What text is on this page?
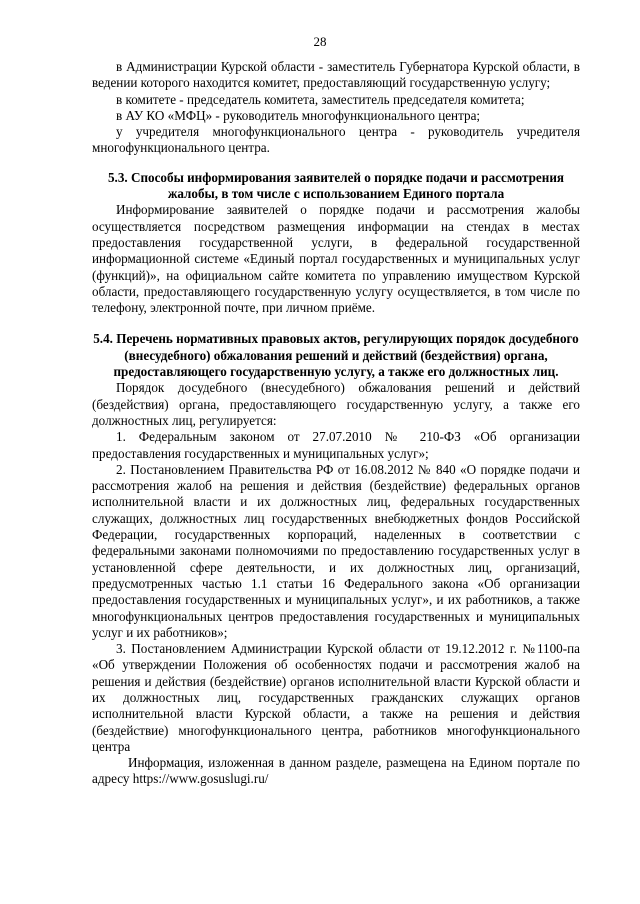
28

в Администрации Курской области - заместитель Губернатора Курской области, в ведении которого находится комитет, предоставляющий государственную услугу;

в комитете - председатель комитета, заместитель председателя комитета;

в АУ КО «МФЦ» - руководитель многофункционального центра;

у учредителя многофункционального центра - руководитель учредителя многофункционального центра.

5.3. Способы информирования заявителей о порядке подачи и рассмотрения жалобы, в том числе с использованием Единого портала

Информирование заявителей о порядке подачи и рассмотрения жалобы осуществляется посредством размещения информации на стендах в местах предоставления государственной услуги, в федеральной государственной информационной системе «Единый портал государственных и муниципальных услуг (функций)», на официальном сайте комитета по управлению имуществом Курской области, предоставляющего государственную услугу осуществляется, в том числе по телефону, электронной почте, при личном приёме.

5.4. Перечень нормативных правовых актов, регулирующих порядок досудебного (внесудебного) обжалования решений и действий (бездействия) органа, предоставляющего государственную услугу, а также его должностных лиц.

Порядок досудебного (внесудебного) обжалования решений и действий (бездействия) органа, предоставляющего государственную услугу, а также его должностных лиц, регулируется:

1. Федеральным законом от 27.07.2010 № 210-ФЗ «Об организации предоставления государственных и муниципальных услуг»;

2. Постановлением Правительства РФ от 16.08.2012 № 840 «О порядке подачи и рассмотрения жалоб на решения и действия (бездействие) федеральных органов исполнительной власти и их должностных лиц, федеральных государственных служащих, должностных лиц государственных внебюджетных фондов Российской Федерации, государственных корпораций, наделенных в соответствии с федеральными законами полномочиями по предоставлению государственных услуг в установленной сфере деятельности, и их должностных лиц, организаций, предусмотренных частью 1.1 статьи 16 Федерального закона «Об организации предоставления государственных и муниципальных услуг», и их работников, а также многофункциональных центров предоставления государственных и муниципальных услуг и их работников»;

3. Постановлением Администрации Курской области от 19.12.2012 г. №1100-па «Об утверждении Положения об особенностях подачи и рассмотрения жалоб на решения и действия (бездействие) органов исполнительной власти Курской области и их должностных лиц, государственных гражданских служащих органов исполнительной власти Курской области, а также на решения и действия (бездействие) многофункционального центра, работников многофункционального центра

Информация, изложенная в данном разделе, размещена на Едином портале по адресу https://www.gosuslugi.ru/
